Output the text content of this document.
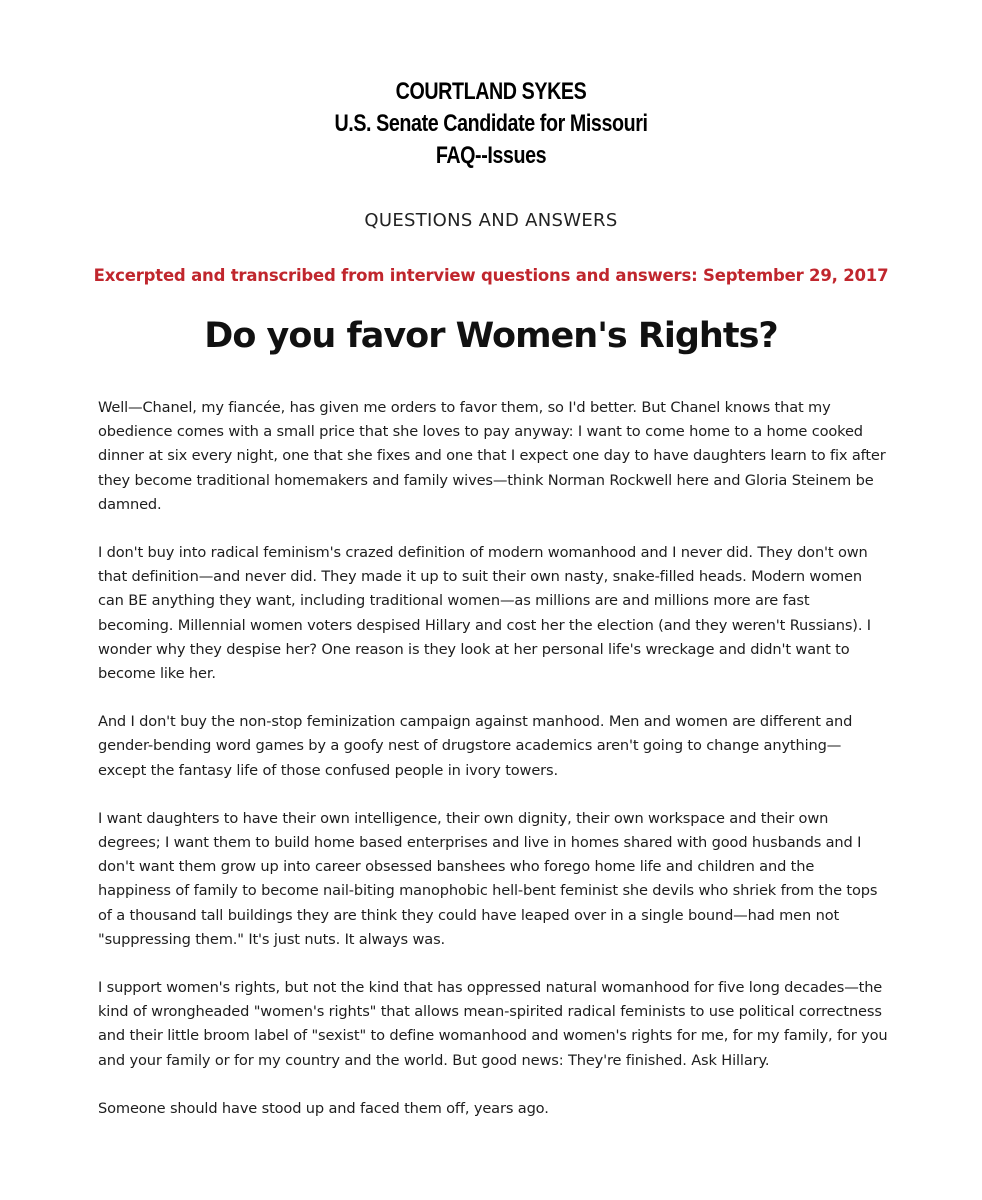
COURTLAND SYKES
U.S. Senate Candidate for Missouri
FAQ--Issues
QUESTIONS AND ANSWERS
Excerpted and transcribed from interview questions and answers: September 29, 2017
Do you favor Women's Rights?

Well—Chanel, my fiancée, has given me orders to favor them, so I'd better. But Chanel knows that my obedience comes with a small price that she loves to pay anyway: I want to come home to a home cooked dinner at six every night, one that she fixes and one that I expect one day to have daughters learn to fix after they become traditional homemakers and family wives—think Norman Rockwell here and Gloria Steinem be damned.

I don't buy into radical feminism's crazed definition of modern womanhood and I never did. They don't own that definition—and never did. They made it up to suit their own nasty, snake-filled heads. Modern women can BE anything they want, including traditional women—as millions are and millions more are fast becoming. Millennial women voters despised Hillary and cost her the election (and they weren't Russians). I wonder why they despise her? One reason is they look at her personal life's wreckage and didn't want to become like her.

And I don't buy the non-stop feminization campaign against manhood. Men and women are different and gender-bending word games by a goofy nest of drugstore academics aren't going to change anything—except the fantasy life of those confused people in ivory towers.

I want daughters to have their own intelligence, their own dignity, their own workspace and their own degrees; I want them to build home based enterprises and live in homes shared with good husbands and I don't want them grow up into career obsessed banshees who forego home life and children and the happiness of family to become nail-biting manophobic hell-bent feminist she devils who shriek from the tops of a thousand tall buildings they are think they could have leaped over in a single bound—had men not "suppressing them." It's just nuts. It always was.

I support women's rights, but not the kind that has oppressed natural womanhood for five long decades—the kind of wrongheaded "women's rights" that allows mean-spirited radical feminists to use political correctness and their little broom label of "sexist" to define womanhood and women's rights for me, for my family, for you and your family or for my country and the world. But good news: They're finished. Ask Hillary.

Someone should have stood up and faced them off, years ago.
